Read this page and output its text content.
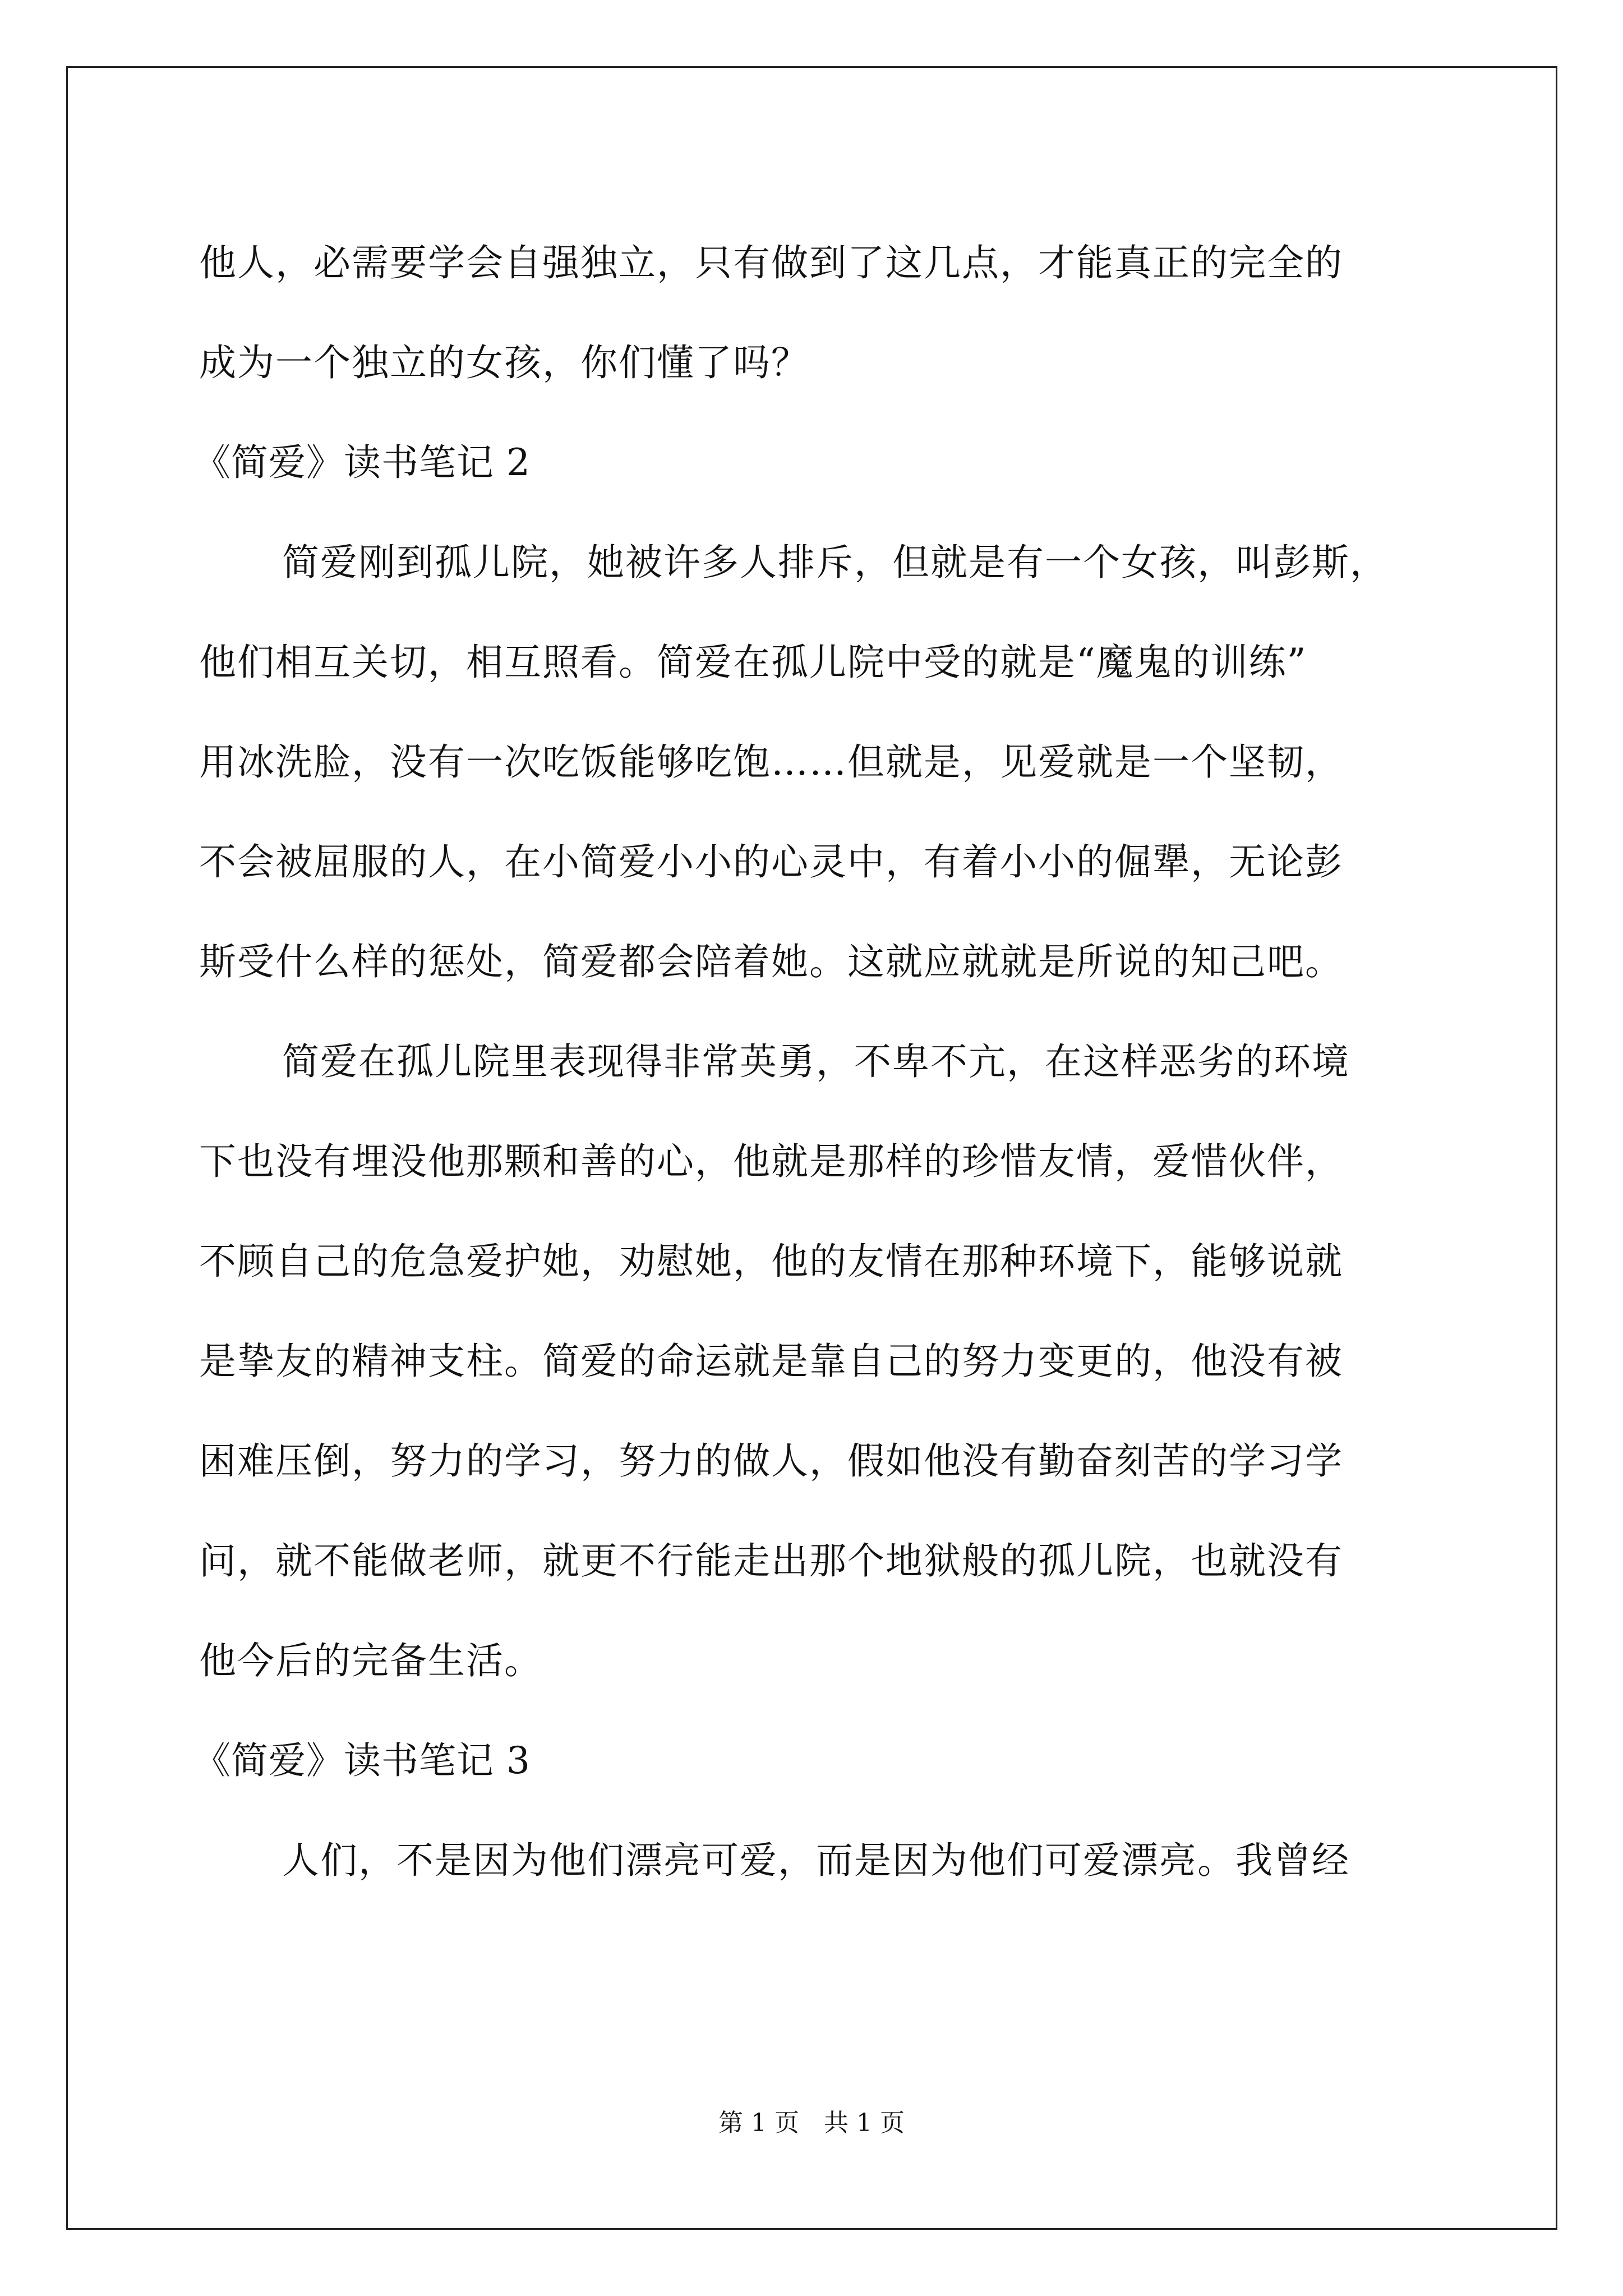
他人，必需要学会自强独立，只有做到了这几点，才能真正的完全的
成为一个独立的女孩，你们懂了吗？
《简爱》读书笔记 2
简爱刚到孤儿院，她被许多人排斥，但就是有一个女孩，叫彭斯，
他们相互关切，相互照看。简爱在孤儿院中受的就是“魔鬼的训练”
用冰洗脸，没有一次吃饭能够吃饱……但就是，见爱就是一个坚韧，
不会被屈服的人，在小简爱小小的心灵中，有着小小的倔犟，无论彭
斯受什么样的惩处，简爱都会陪着她。这就应就就是所说的知己吧。
简爱在孤儿院里表现得非常英勇，不卑不亢，在这样恶劣的环境
下也没有埋没他那颗和善的心，他就是那样的珍惜友情，爱惜伙伴，
不顾自己的危急爱护她，劝慰她，他的友情在那种环境下，能够说就
是挚友的精神支柱。简爱的命运就是靠自己的努力变更的，他没有被
困难压倒，努力的学习，努力的做人，假如他没有勤奋刻苦的学习学
问，就不能做老师，就更不行能走出那个地狱般的孤儿院，也就没有
他今后的完备生活。
《简爱》读书笔记 3
人们，不是因为他们漂亮可爱，而是因为他们可爱漂亮。我曾经
第 1 页　共 1 页
